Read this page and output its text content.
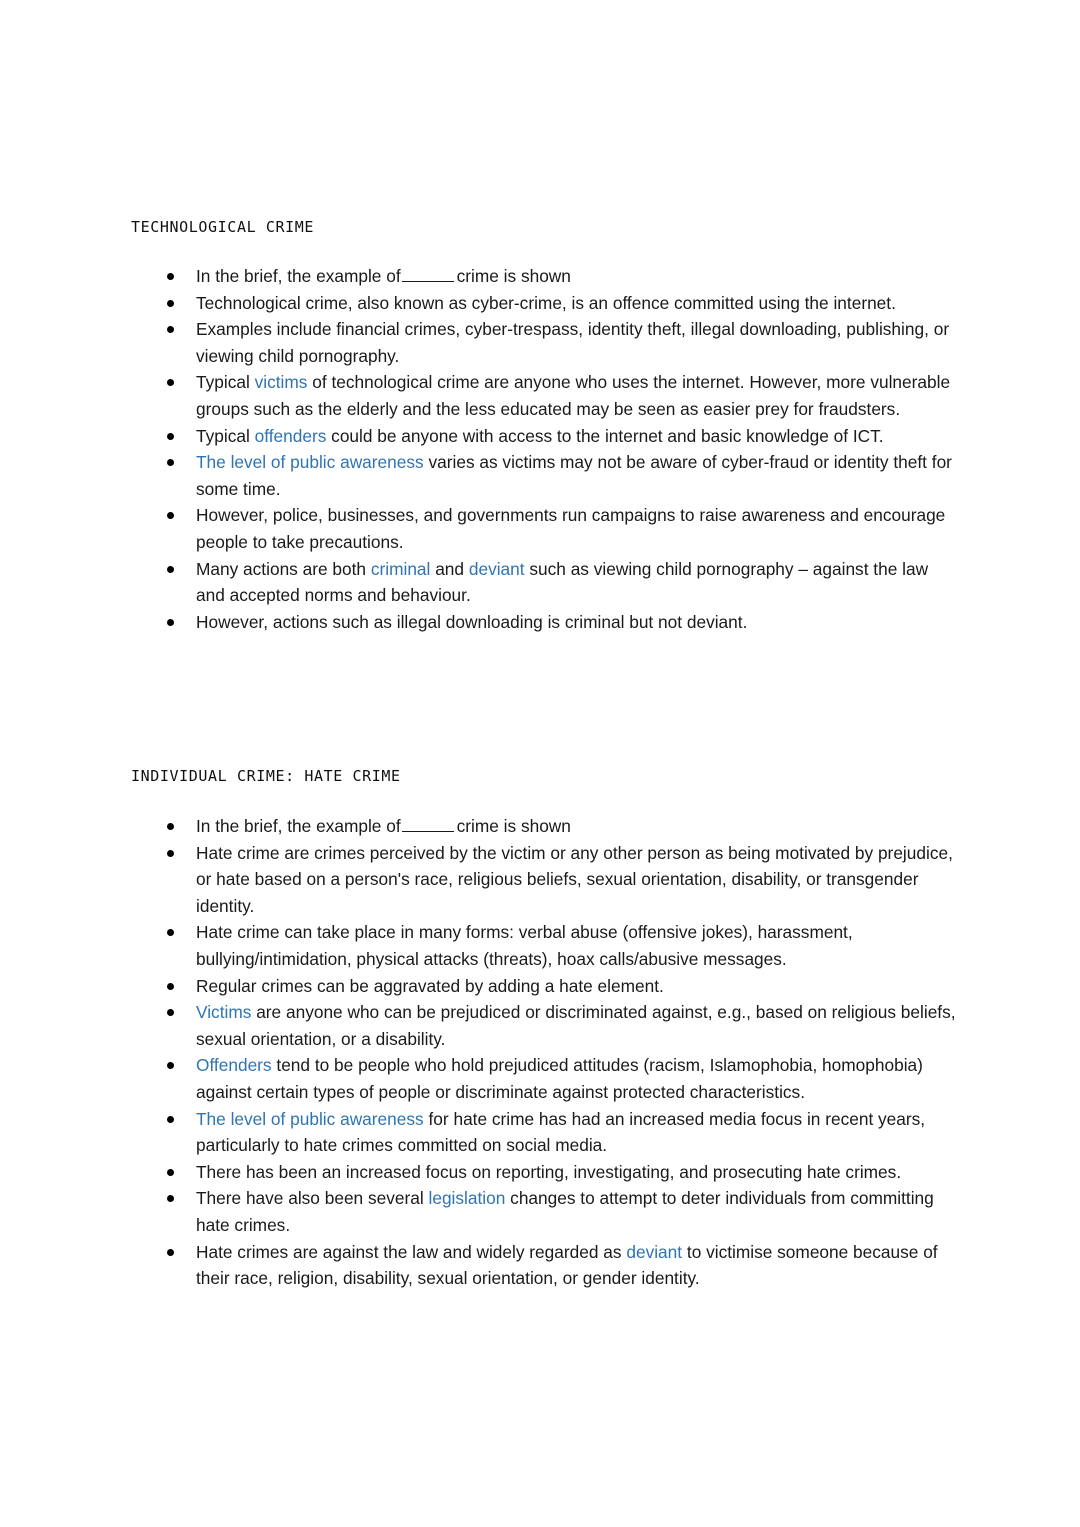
TECHNOLOGICAL CRIME
In the brief, the example of	crime is shown
Technological crime, also known as cyber-crime, is an offence committed using the internet.
Examples include financial crimes, cyber-trespass, identity theft, illegal downloading, publishing, or viewing child pornography.
Typical victims of technological crime are anyone who uses the internet. However, more vulnerable groups such as the elderly and the less educated may be seen as easier prey for fraudsters.
Typical offenders could be anyone with access to the internet and basic knowledge of ICT.
The level of public awareness varies as victims may not be aware of cyber-fraud or identity theft for some time.
However, police, businesses, and governments run campaigns to raise awareness and encourage people to take precautions.
Many actions are both criminal and deviant such as viewing child pornography – against the law and accepted norms and behaviour.
However, actions such as illegal downloading is criminal but not deviant.
INDIVIDUAL CRIME: HATE CRIME
In the brief, the example of	crime is shown
Hate crime are crimes perceived by the victim or any other person as being motivated by prejudice, or hate based on a person's race, religious beliefs, sexual orientation, disability, or transgender identity.
Hate crime can take place in many forms: verbal abuse (offensive jokes), harassment, bullying/intimidation, physical attacks (threats), hoax calls/abusive messages.
Regular crimes can be aggravated by adding a hate element.
Victims are anyone who can be prejudiced or discriminated against, e.g., based on religious beliefs, sexual orientation, or a disability.
Offenders tend to be people who hold prejudiced attitudes (racism, Islamophobia, homophobia) against certain types of people or discriminate against protected characteristics.
The level of public awareness for hate crime has had an increased media focus in recent years, particularly to hate crimes committed on social media.
There has been an increased focus on reporting, investigating, and prosecuting hate crimes.
There have also been several legislation changes to attempt to deter individuals from committing hate crimes.
Hate crimes are against the law and widely regarded as deviant to victimise someone because of their race, religion, disability, sexual orientation, or gender identity.
